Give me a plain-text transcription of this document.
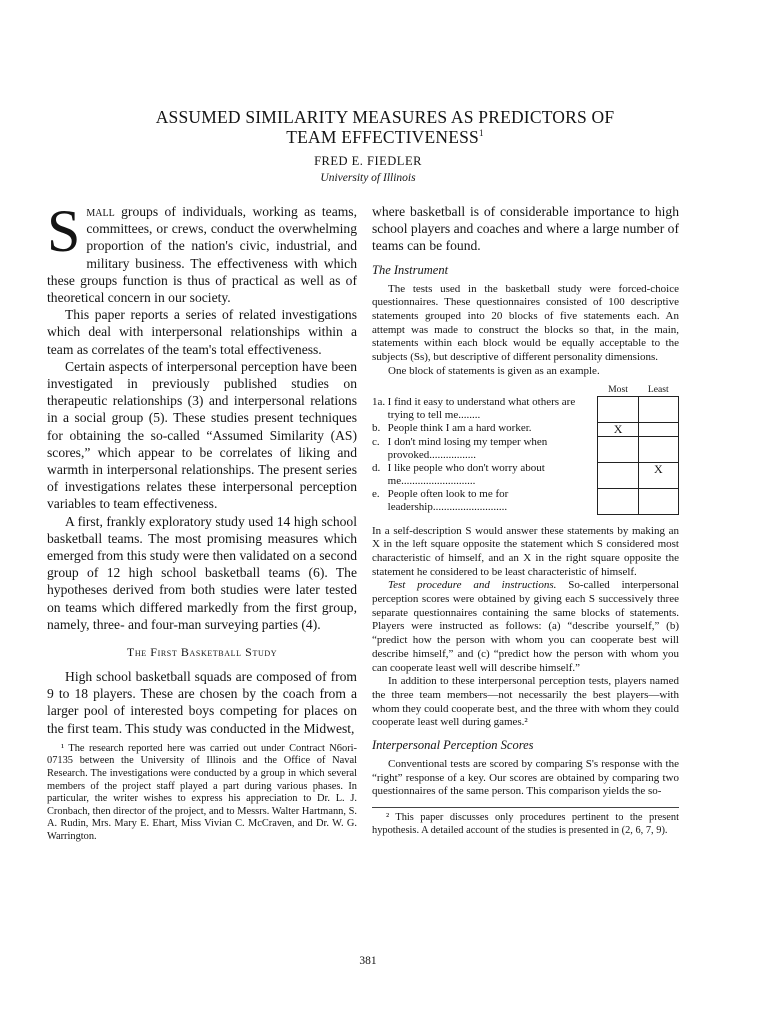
ASSUMED SIMILARITY MEASURES AS PREDICTORS OF
TEAM EFFECTIVENESS$^1$
FRED E. FIEDLER
University of Illinois

Small groups of individuals, working as teams, committees, or crews, conduct the overwhelming proportion of the nation's civic, industrial, and military business. The effectiveness with which these groups function is thus of practical as well as of theoretical concern in our society.

This paper reports a series of related investigations which deal with interpersonal relationships within a team as correlates of the team's total effectiveness.

Certain aspects of interpersonal perception have been investigated in previously published studies on therapeutic relationships (3) and interpersonal relations in a social group (5). These studies present techniques for obtaining the so-called “Assumed Similarity (AS) scores,” which appear to be correlates of liking and warmth in interpersonal relationships. The present series of investigations relates these interpersonal perception variables to team effectiveness.

A first, frankly exploratory study used 14 high school basketball teams. The most promising measures which emerged from this study were then validated on a second group of 12 high school basketball teams (6). The hypotheses derived from both studies were later tested on teams which differed markedly from the first group, namely, three- and four-man surveying parties (4).

The First Basketball Study

High school basketball squads are composed of from 9 to 18 players. These are chosen by the coach from a larger pool of interested boys competing for places on the first team. This study was conducted in the Midwest,

¹ The research reported here was carried out under Contract N6ori-07135 between the University of Illinois and the Office of Naval Research. The investigations were conducted by a group in which several members of the project staff played a part during various phases. In particular, the writer wishes to express his appreciation to Dr. L. J. Cronbach, then director of the project, and to Messrs. Walter Hartmann, S. A. Rudin, Mrs. Mary E. Ehart, Miss Vivian C. McCraven, and Dr. W. G. Warrington.

where basketball is of considerable importance to high school players and coaches and where a large number of teams can be found.

The Instrument

The tests used in the basketball study were forced-choice questionnaires. These questionnaires consisted of 100 descriptive statements grouped into 20 blocks of five statements each. An attempt was made to construct the blocks so that, in the main, statements within each block would be equally acceptable to the subjects (Ss), but descriptive of different personality dimensions.

One block of statements is given as an example.

		Most	Least
1a.	I find it easy to understand what others are trying to tell me........		
b.	People think I am a hard worker.	X	
c.	I don't mind losing my temper when provoked.................		
d.	I like people who don't worry about me...........................		X
e.	People often look to me for leadership...........................		

In a self-description S would answer these statements by making an X in the left square opposite the statement which S considered most characteristic of himself, and an X in the right square opposite the statement he considered to be least characteristic of himself.

Test procedure and instructions. So-called interpersonal perception scores were obtained by giving each S successively three separate questionnaires containing the same blocks of statements. Players were instructed as follows: (a) “describe yourself,” (b) “predict how the person with whom you can cooperate best will describe himself,” and (c) “predict how the person with whom you can cooperate least well will describe himself.”

In addition to these interpersonal perception tests, players named the three team members—not necessarily the best players—with whom they could cooperate best, and the three with whom they could cooperate least well during games.²

Interpersonal Perception Scores

Conventional tests are scored by comparing S's response with the “right” response of a key. Our scores are obtained by comparing two questionnaires of the same person. This comparison yields the so-

² This paper discusses only procedures pertinent to the present hypothesis. A detailed account of the studies is presented in (2, 6, 7, 9).

381
